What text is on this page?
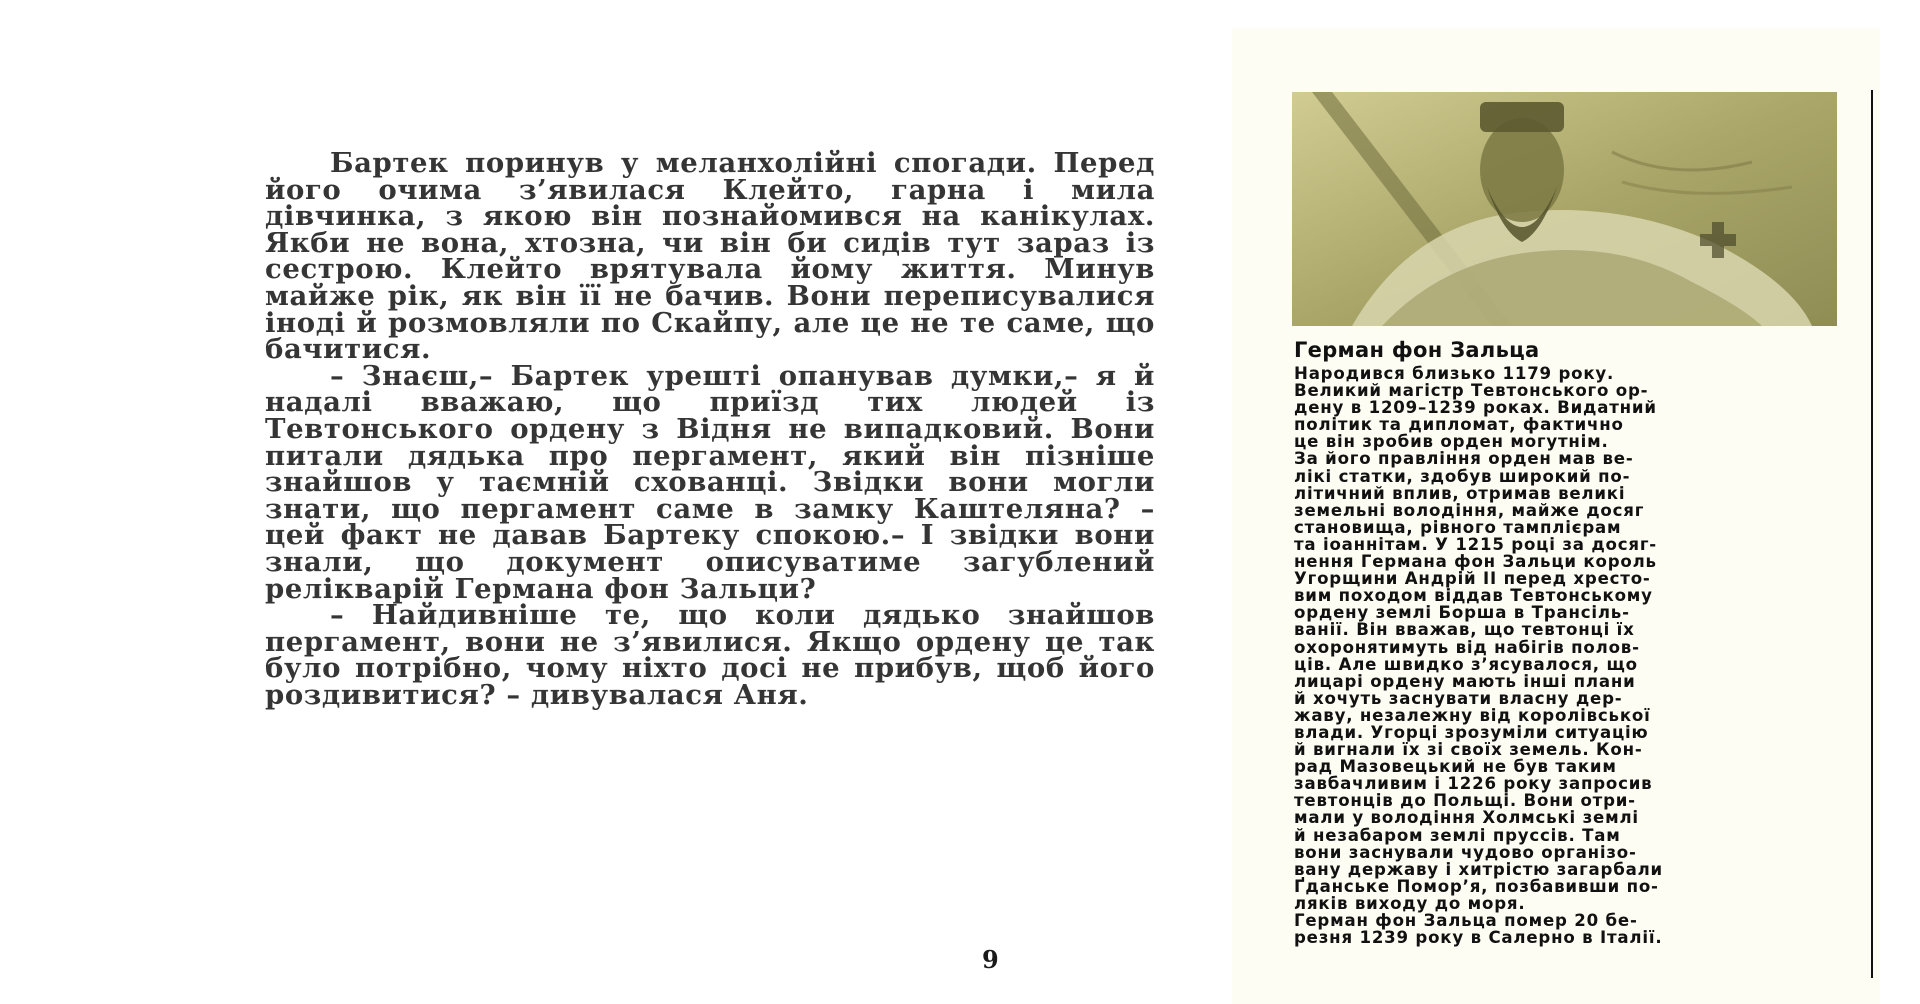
Бартек поринув у меланхолійні спогади. Перед його очима з’явилася Клейто, гарна і мила дівчинка, з якою він познайомився на канікулах. Якби не вона, хтозна, чи він би сидів тут зараз із сестрою. Клейто врятувала йому життя. Минув майже рік, як він її не бачив. Вони переписувалися іноді й розмовляли по Скайпу, але це не те саме, що бачитися.

– Знаєш,– Бартек урешті опанував думки,– я й надалі вважаю, що приїзд тих людей із Тевтонського ордену з Відня не випадковий. Вони питали дядька про пергамент, який він пізніше знайшов у таємній схованці. Звідки вони могли знати, що пергамент саме в замку Каштеляна? – цей факт не давав Бартеку спокою.– І звідки вони знали, що документ описуватиме загублений релікварій Германа фон Зальци?

– Найдивніше те, що коли дядько знайшов пергамент, вони не з’явилися. Якщо ордену це так було потрібно, чому ніхто досі не прибув, щоб його роздивитися? – дивувалася Аня.

9
Герман фон Зальца

Народився близько 1179 року.

Великий магістр Тевтонського ор-

дену в 1209–1239 роках. Видатний

політик та дипломат, фактично

це він зробив орден могутнім.

За його правління орден мав ве-

лікі статки, здобув широкий по-

літичний вплив, отримав великі

земельні володіння, майже досяг

становища, рівного тамплієрам

та іоаннітам. У 1215 році за досяг-

нення Германа фон Зальци король

Угорщини Андрій II перед хресто-

вим походом віддав Тевтонському

ордену землі Борша в Трансіль-

ванії. Він вважав, що тевтонці їх

охоронятимуть від набігів полов-

ців. Але швидко з’ясувалося, що

лицарі ордену мають інші плани

й хочуть заснувати власну дер-

жаву, незалежну від королівської

влади. Угорці зрозуміли ситуацію

й вигнали їх зі своїх земель. Кон-

рад Мазовецький не був таким

завбачливим і 1226 року запросив

тевтонців до Польщі. Вони отри-

мали у володіння Холмські землі

й незабаром землі пруссів. Там

вони заснували чудово організо-

вану державу і хитрістю загарбали

Ґданське Помор’я, позбавивши по-

ляків виходу до моря.

Герман фон Зальца помер 20 бе-

резня 1239 року в Салерно в Італії.
